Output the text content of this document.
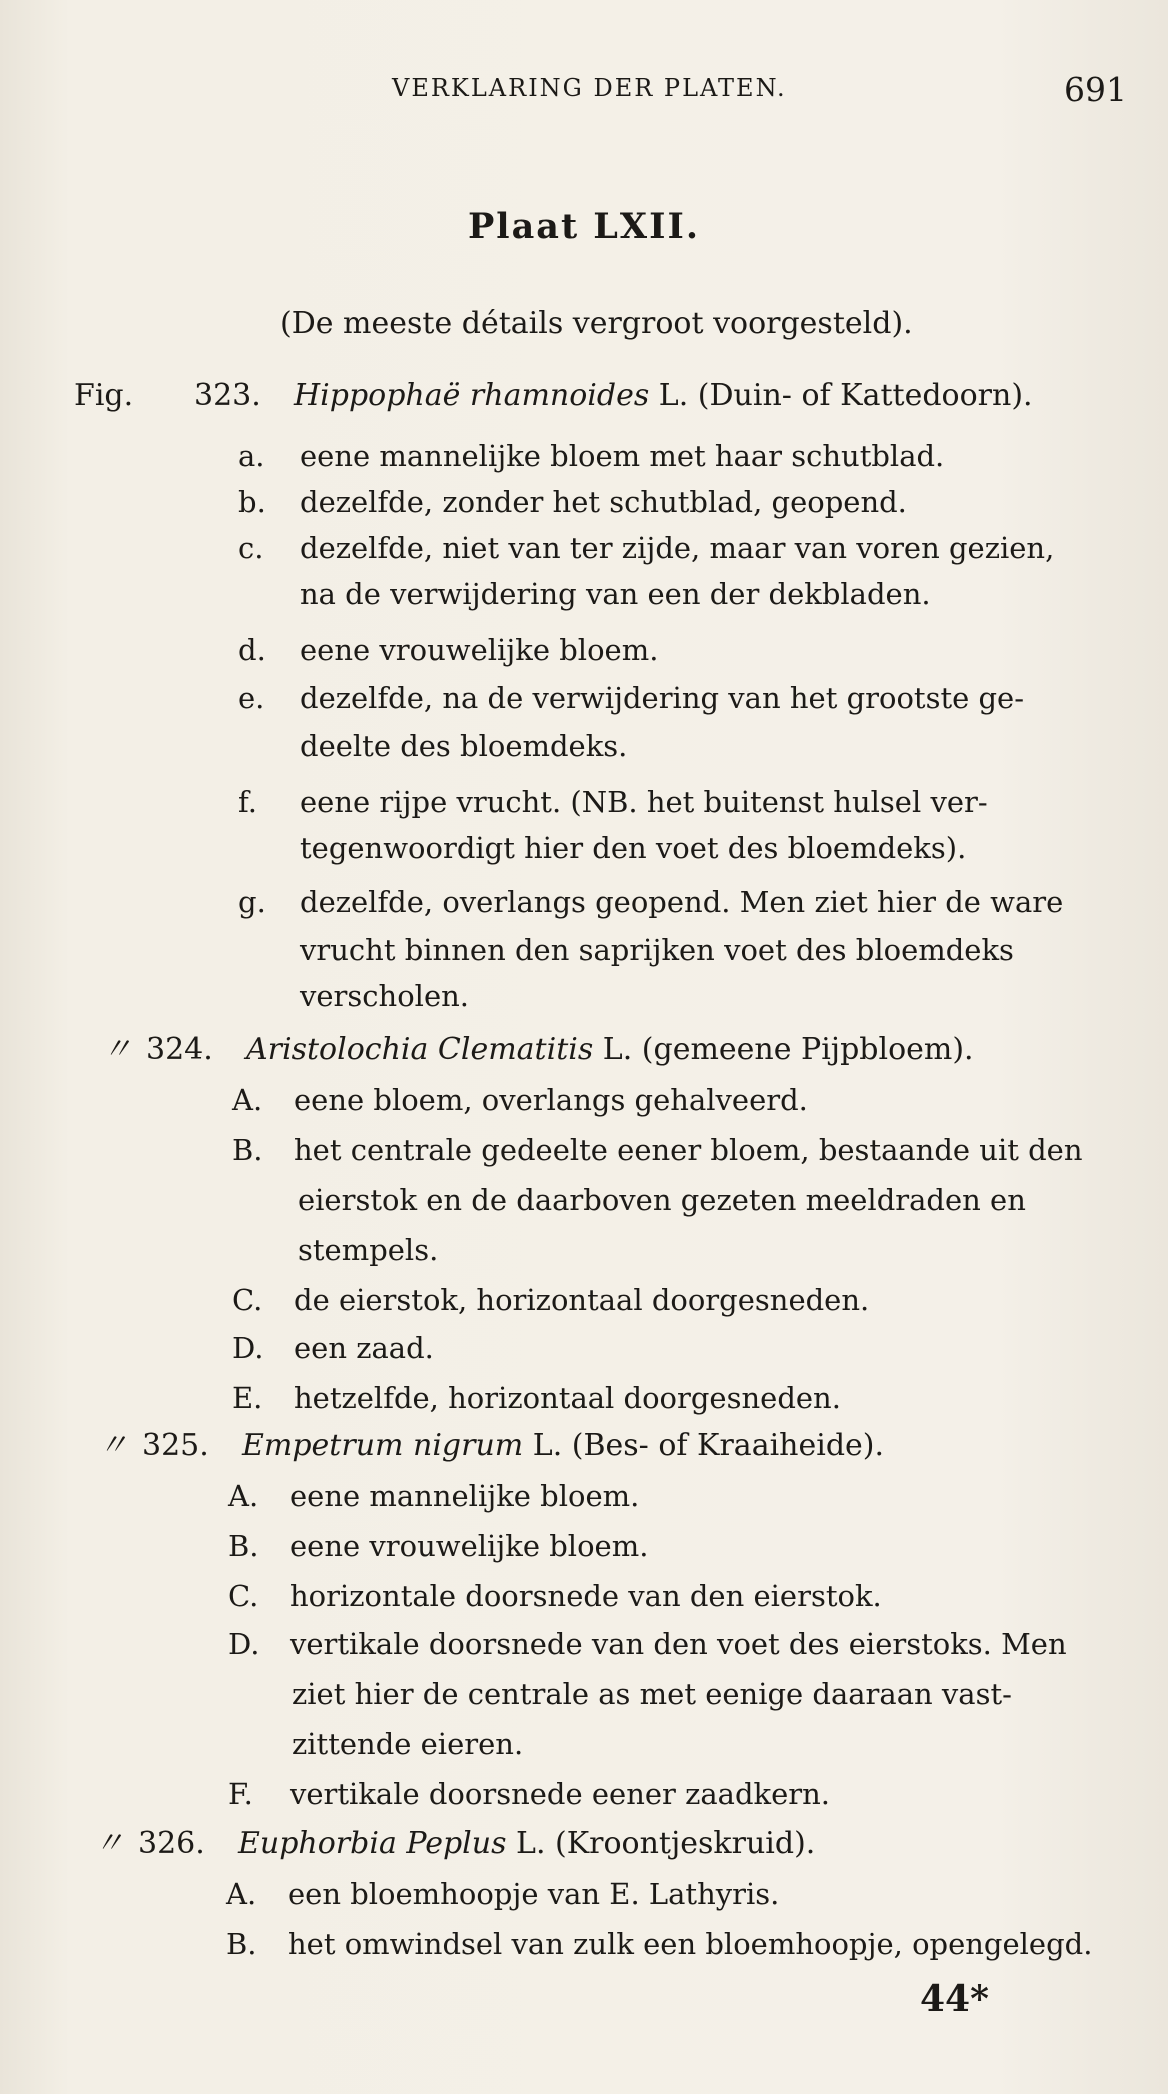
VERKLARING DER PLATEN.	691
Plaat LXII.
(De meeste détails vergroot voorgesteld).
Fig. 323. Hippophaë rhamnoides L. (Duin- of Kattedoorn).
a. eene mannelijke bloem met haar schutblad.
b. dezelfde, zonder het schutblad, geopend.
c. dezelfde, niet van ter zijde, maar van voren gezien,
na de verwijdering van een der dekbladen.
d. eene vrouwelijke bloem.
e. dezelfde, na de verwijdering van het grootste ge-
deelte des bloemdeks.
f. eene rijpe vrucht. (NB. het buitenst hulsel ver-
tegenwoordigt hier den voet des bloemdeks).
g. dezelfde, overlangs geopend. Men ziet hier de ware
vrucht binnen den saprijken voet des bloemdeks
verscholen.
〃 324. Aristolochia Clematitis L. (gemeene Pijpbloem).
A. eene bloem, overlangs gehalveerd.
B. het centrale gedeelte eener bloem, bestaande uit den
eierstok en de daarboven gezeten meeldraden en
stempels.
C. de eierstok, horizontaal doorgesneden.
D. een zaad.
E. hetzelfde, horizontaal doorgesneden.
〃 325. Empetrum nigrum L. (Bes- of Kraaiheide).
A. eene mannelijke bloem.
B. eene vrouwelijke bloem.
C. horizontale doorsnede van den eierstok.
D. vertikale doorsnede van den voet des eierstoks. Men
ziet hier de centrale as met eenige daaraan vast-
zittende eieren.
F. vertikale doorsnede eener zaadkern.
〃 326. Euphorbia Peplus L. (Kroontjeskruid).
A. een bloemhoopje van E. Lathyris.
B. het omwindsel van zulk een bloemhoopje, opengelegd.
44*
